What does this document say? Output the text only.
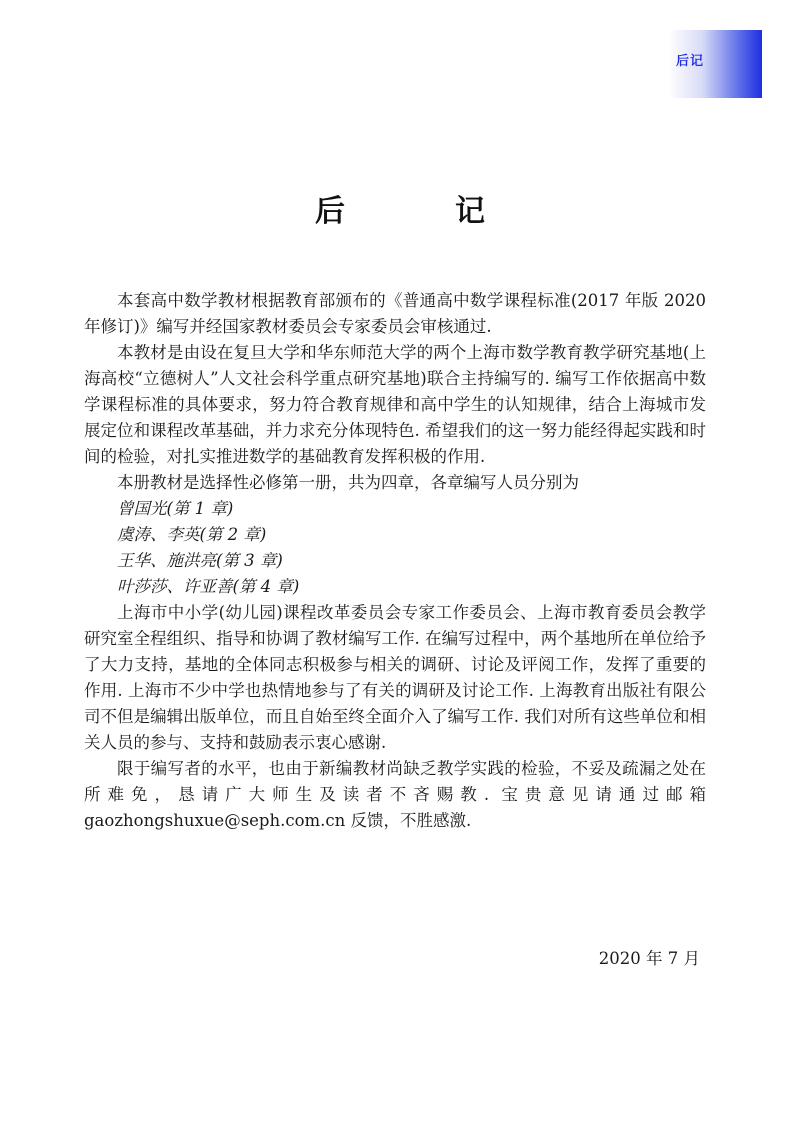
后记
后　记

本套高中数学教材根据教育部颁布的《普通高中数学课程标准(2017 年版 2020 年修订)》编写并经国家教材委员会专家委员会审核通过.

本教材是由设在复旦大学和华东师范大学的两个上海市数学教育教学研究基地(上海高校“立德树人”人文社会科学重点研究基地)联合主持编写的. 编写工作依据高中数学课程标准的具体要求，努力符合教育规律和高中学生的认知规律，结合上海城市发展定位和课程改革基础，并力求充分体现特色. 希望我们的这一努力能经得起实践和时间的检验，对扎实推进数学的基础教育发挥积极的作用.

本册教材是选择性必修第一册，共为四章，各章编写人员分别为

曾国光(第 1 章)

虞涛、李英(第 2 章)

王华、施洪亮(第 3 章)

叶莎莎、许亚善(第 4 章)

上海市中小学(幼儿园)课程改革委员会专家工作委员会、上海市教育委员会教学研究室全程组织、指导和协调了教材编写工作. 在编写过程中，两个基地所在单位给予了大力支持，基地的全体同志积极参与相关的调研、讨论及评阅工作，发挥了重要的作用. 上海市不少中学也热情地参与了有关的调研及讨论工作. 上海教育出版社有限公司不但是编辑出版单位，而且自始至终全面介入了编写工作. 我们对所有这些单位和相关人员的参与、支持和鼓励表示衷心感谢.

限于编写者的水平，也由于新编教材尚缺乏教学实践的检验，不妥及疏漏之处在所难免，恳请广大师生及读者不吝赐教. 宝贵意见请通过邮箱 gaozhongshuxue@seph.com.cn 反馈，不胜感激.

2020 年 7 月
